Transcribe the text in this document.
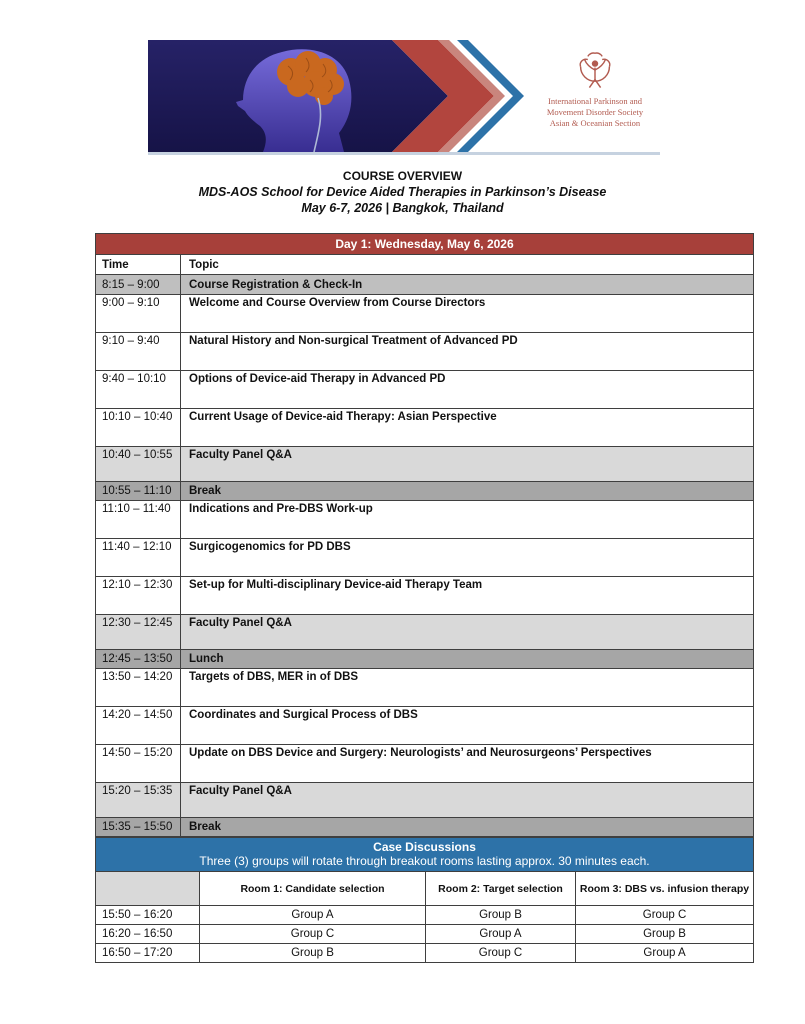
International Parkinson and
Movement Disorder Society
Asian & Oceanian Section
COURSE OVERVIEW
MDS-AOS School for Device Aided Therapies in Parkinson’s Disease
May 6-7, 2026 | Bangkok, Thailand
Day 1: Wednesday, May 6, 2026	
Time	Topic
8:15 – 9:00	Course Registration & Check-In
9:00 – 9:10	Welcome and Course Overview from Course Directors
9:10 – 9:40	Natural History and Non-surgical Treatment of Advanced PD
9:40 – 10:10	Options of Device-aid Therapy in Advanced PD
10:10 – 10:40	Current Usage of Device-aid Therapy: Asian Perspective
10:40 – 10:55	Faculty Panel Q&A
10:55 – 11:10	Break
11:10 – 11:40	Indications and Pre-DBS Work-up
11:40 – 12:10	Surgicogenomics for PD DBS
12:10 – 12:30	Set-up for Multi-disciplinary Device-aid Therapy Team
12:30 – 12:45	Faculty Panel Q&A
12:45 – 13:50	Lunch
13:50 – 14:20	Targets of DBS, MER in of DBS
14:20 – 14:50	Coordinates and Surgical Process of DBS
14:50 – 15:20	Update on DBS Device and Surgery: Neurologists’ and Neurosurgeons’ Perspectives
15:20 – 15:35	Faculty Panel Q&A
15:35 – 15:50	Break
Case Discussions
Three (3) groups will rotate through breakout rooms lasting approx. 30 minutes each.			

	Room 1: Candidate selection	Room 2: Target selection	Room 3: DBS vs. infusion therapy
15:50 – 16:20	Group A	Group B	Group C
16:20 – 16:50	Group C	Group A	Group B
16:50 – 17:20	Group B	Group C	Group A
